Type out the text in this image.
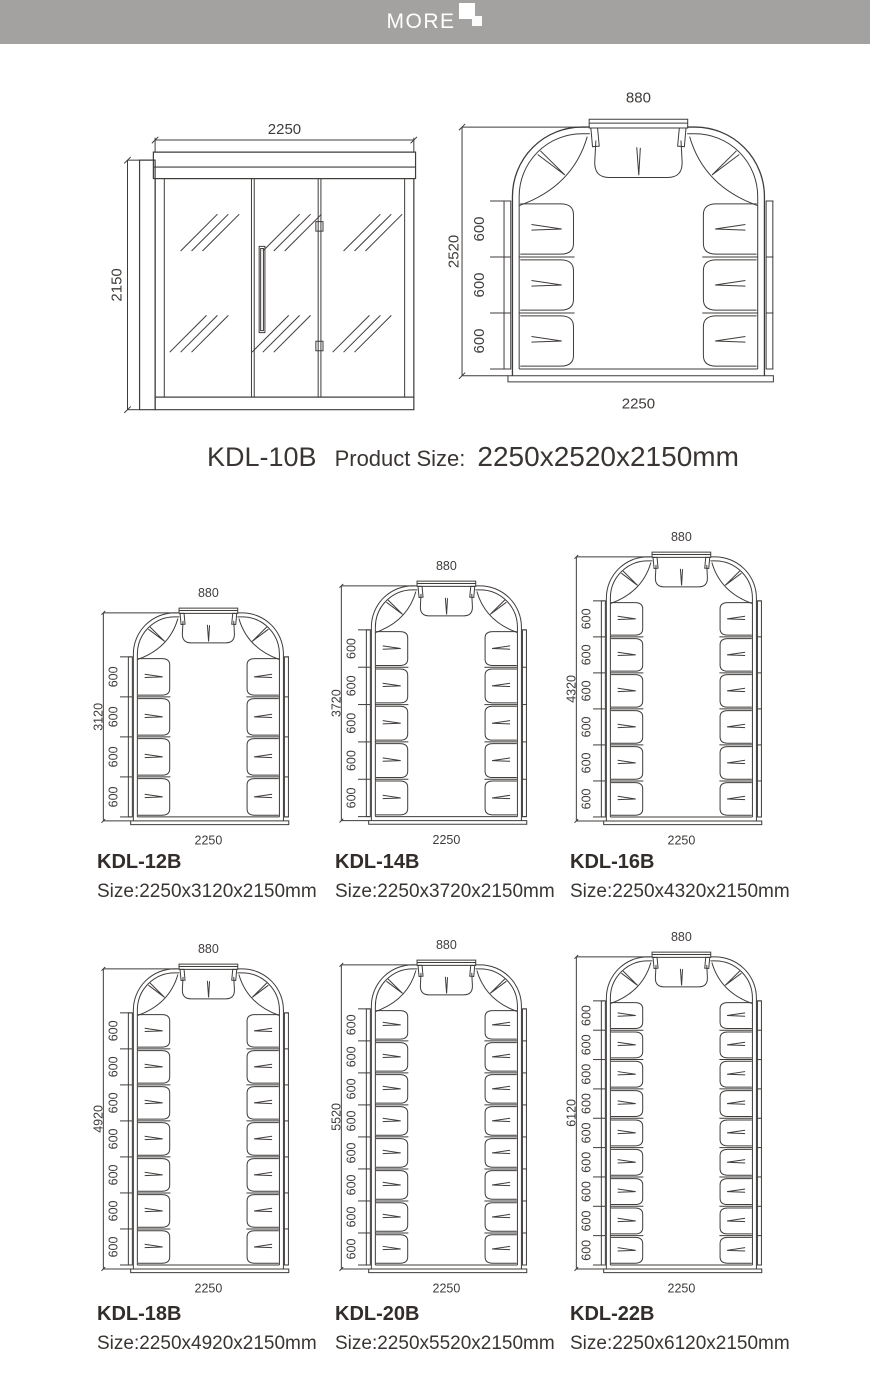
MORE
2250
2150
2520
600
600
600
880
2250
KDL-10B Product Size: 2250x2520x2150mm
3120
600
600
600
600
880
2250
3720
600
600
600
600
600
880
2250
4320
600
600
600
600
600
600
880
2250
4920
600
600
600
600
600
600
600
880
2250
5520
600
600
600
600
600
600
600
600
880
2250
6120
600
600
600
600
600
600
600
600
600
880
2250
KDL-12B
Size:2250x3120x2150mm
KDL-14B
Size:2250x3720x2150mm
KDL-16B
Size:2250x4320x2150mm
KDL-18B
Size:2250x4920x2150mm
KDL-20B
Size:2250x5520x2150mm
KDL-22B
Size:2250x6120x2150mm
